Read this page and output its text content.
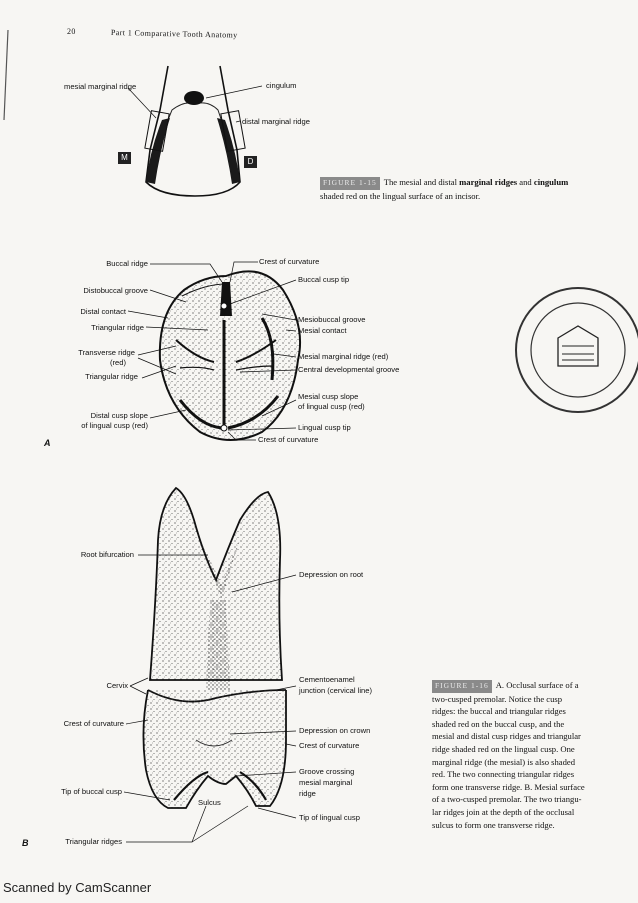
20	Part 1 Comparative Tooth Anatomy
mesial marginal ridge	cingulum
distal marginal ridge
M	D
FIGURE 1-15 The mesial and distal marginal ridges and cingulum shaded red on the lingual surface of an incisor.
Buccal ridge
Distobuccal groove
Distal contact
Triangular ridge
Transverse ridge
(red)
Triangular ridge
Distal cusp slope
of lingual cusp (red)
Crest of curvature
Buccal cusp tip
Mesiobuccal groove
Mesial contact
Mesial marginal ridge (red)
Central developmental groove
Mesial cusp slope
of lingual cusp (red)
Lingual cusp tip
Crest of curvature
A
Root bifurcation
Cervix
Crest of curvature
Tip of buccal cusp
Triangular ridges
Depression on root
Cementoenamel
junction (cervical line)
Depression on crown
Crest of curvature
Groove crossing
mesial marginal
ridge
Tip of lingual cusp
Sulcus
B
FIGURE 1-16 A. Occlusal surface of a
two-cusped premolar. Notice the cusp
ridges: the buccal and triangular ridges
shaded red on the buccal cusp, and the
mesial and distal cusp ridges and triangular
ridge shaded red on the lingual cusp. One
marginal ridge (the mesial) is also shaded
red. The two connecting triangular ridges
form one transverse ridge. B. Mesial surface
of a two-cusped premolar. The two triangu-
lar ridges join at the depth of the occlusal
sulcus to form one transverse ridge.
Scanned by CamScanner
